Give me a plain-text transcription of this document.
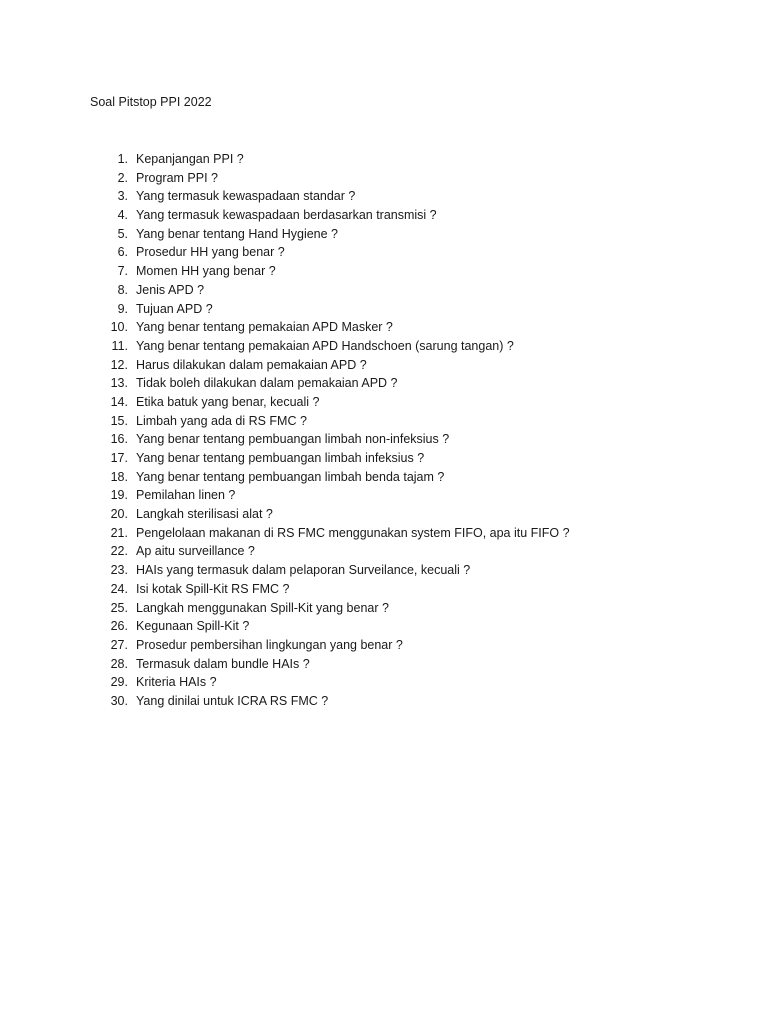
Soal Pitstop PPI 2022
1. Kepanjangan PPI ?
2. Program PPI ?
3. Yang termasuk kewaspadaan standar ?
4. Yang termasuk kewaspadaan berdasarkan transmisi ?
5. Yang benar tentang Hand Hygiene ?
6. Prosedur HH yang benar ?
7. Momen HH yang benar ?
8. Jenis APD ?
9. Tujuan APD ?
10. Yang benar tentang pemakaian APD Masker ?
11. Yang benar tentang pemakaian APD Handschoen (sarung tangan) ?
12. Harus dilakukan dalam pemakaian APD ?
13. Tidak boleh dilakukan dalam pemakaian APD ?
14. Etika batuk yang benar, kecuali ?
15. Limbah yang ada di RS FMC ?
16. Yang benar tentang pembuangan limbah non-infeksius ?
17. Yang benar tentang pembuangan limbah infeksius ?
18. Yang benar tentang pembuangan limbah benda tajam ?
19. Pemilahan linen ?
20. Langkah sterilisasi alat ?
21. Pengelolaan makanan di RS FMC menggunakan system FIFO, apa itu FIFO ?
22. Ap aitu surveillance ?
23. HAIs yang termasuk dalam pelaporan Surveilance, kecuali ?
24. Isi kotak Spill-Kit RS FMC ?
25. Langkah menggunakan Spill-Kit yang benar ?
26. Kegunaan Spill-Kit ?
27. Prosedur pembersihan lingkungan yang benar ?
28. Termasuk dalam bundle HAIs ?
29. Kriteria HAIs ?
30. Yang dinilai untuk ICRA RS FMC ?
